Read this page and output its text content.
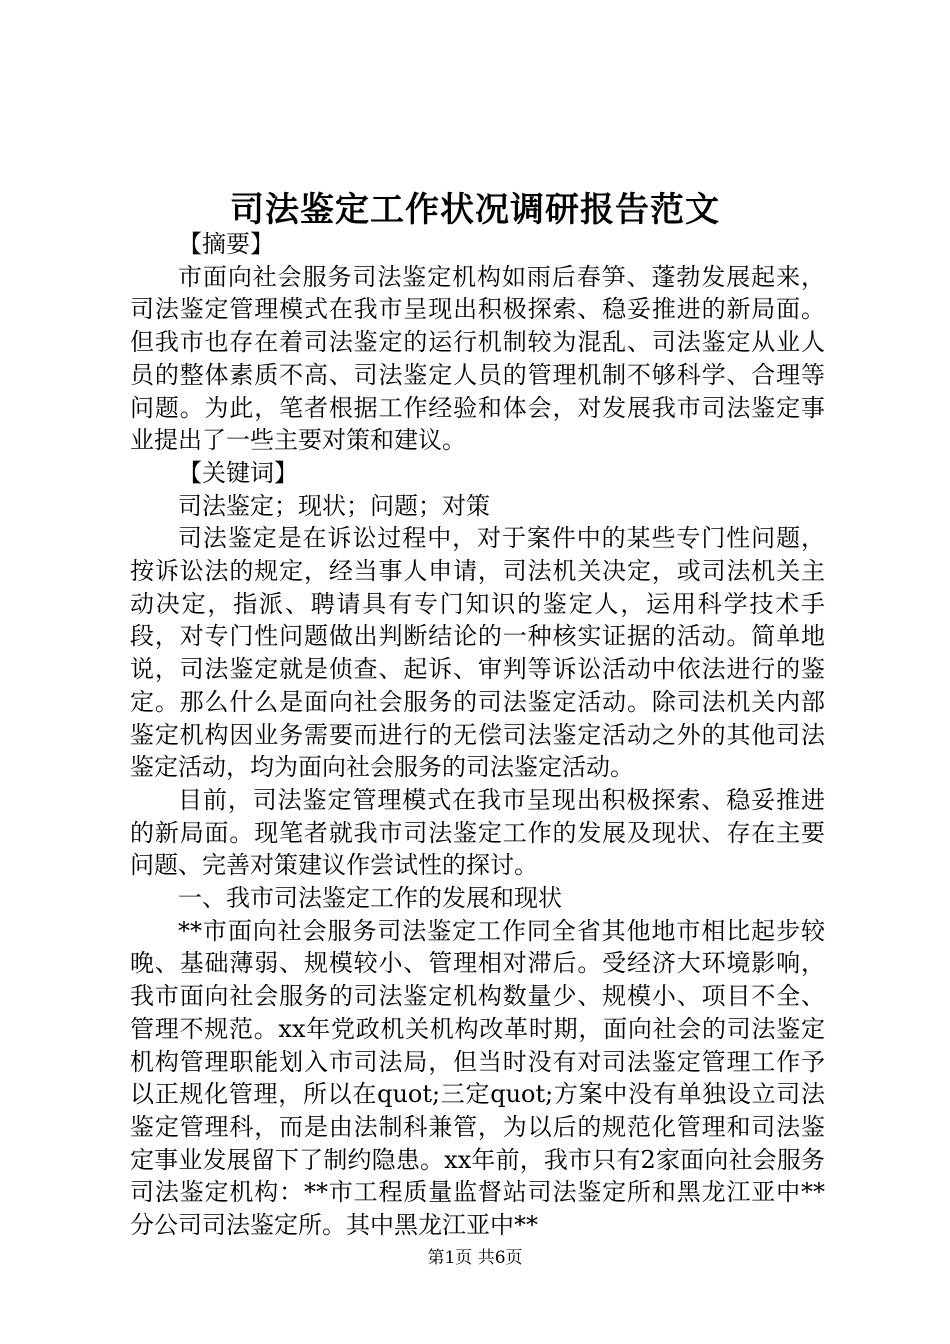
司法鉴定工作状况调研报告范文

【摘要】

市面向社会服务司法鉴定机构如雨后春笋、蓬勃发展起来，司法鉴定管理模式在我市呈现出积极探索、稳妥推进的新局面。但我市也存在着司法鉴定的运行机制较为混乱、司法鉴定从业人员的整体素质不高、司法鉴定人员的管理机制不够科学、合理等问题。为此，笔者根据工作经验和体会，对发展我市司法鉴定事业提出了一些主要对策和建议。

【关键词】

司法鉴定；现状；问题；对策

司法鉴定是在诉讼过程中，对于案件中的某些专门性问题，按诉讼法的规定，经当事人申请，司法机关决定，或司法机关主动决定，指派、聘请具有专门知识的鉴定人，运用科学技术手段，对专门性问题做出判断结论的一种核实证据的活动。简单地说，司法鉴定就是侦查、起诉、审判等诉讼活动中依法进行的鉴定。那么什么是面向社会服务的司法鉴定活动。除司法机关内部鉴定机构因业务需要而进行的无偿司法鉴定活动之外的其他司法鉴定活动，均为面向社会服务的司法鉴定活动。

目前，司法鉴定管理模式在我市呈现出积极探索、稳妥推进的新局面。现笔者就我市司法鉴定工作的发展及现状、存在主要问题、完善对策建议作尝试性的探讨。

一、我市司法鉴定工作的发展和现状

**市面向社会服务司法鉴定工作同全省其他地市相比起步较晚、基础薄弱、规模较小、管理相对滞后。受经济大环境影响，我市面向社会服务的司法鉴定机构数量少、规模小、项目不全、管理不规范。xx年党政机关机构改革时期，面向社会的司法鉴定机构管理职能划入市司法局，但当时没有对司法鉴定管理工作予以正规化管理，所以在quot;三定quot;方案中没有单独设立司法鉴定管理科，而是由法制科兼管，为以后的规范化管理和司法鉴定事业发展留下了制约隐患。xx年前，我市只有2家面向社会服务司法鉴定机构：**市工程质量监督站司法鉴定所和黑龙江亚中**分公司司法鉴定所。其中黑龙江亚中**

第1页 共6页
